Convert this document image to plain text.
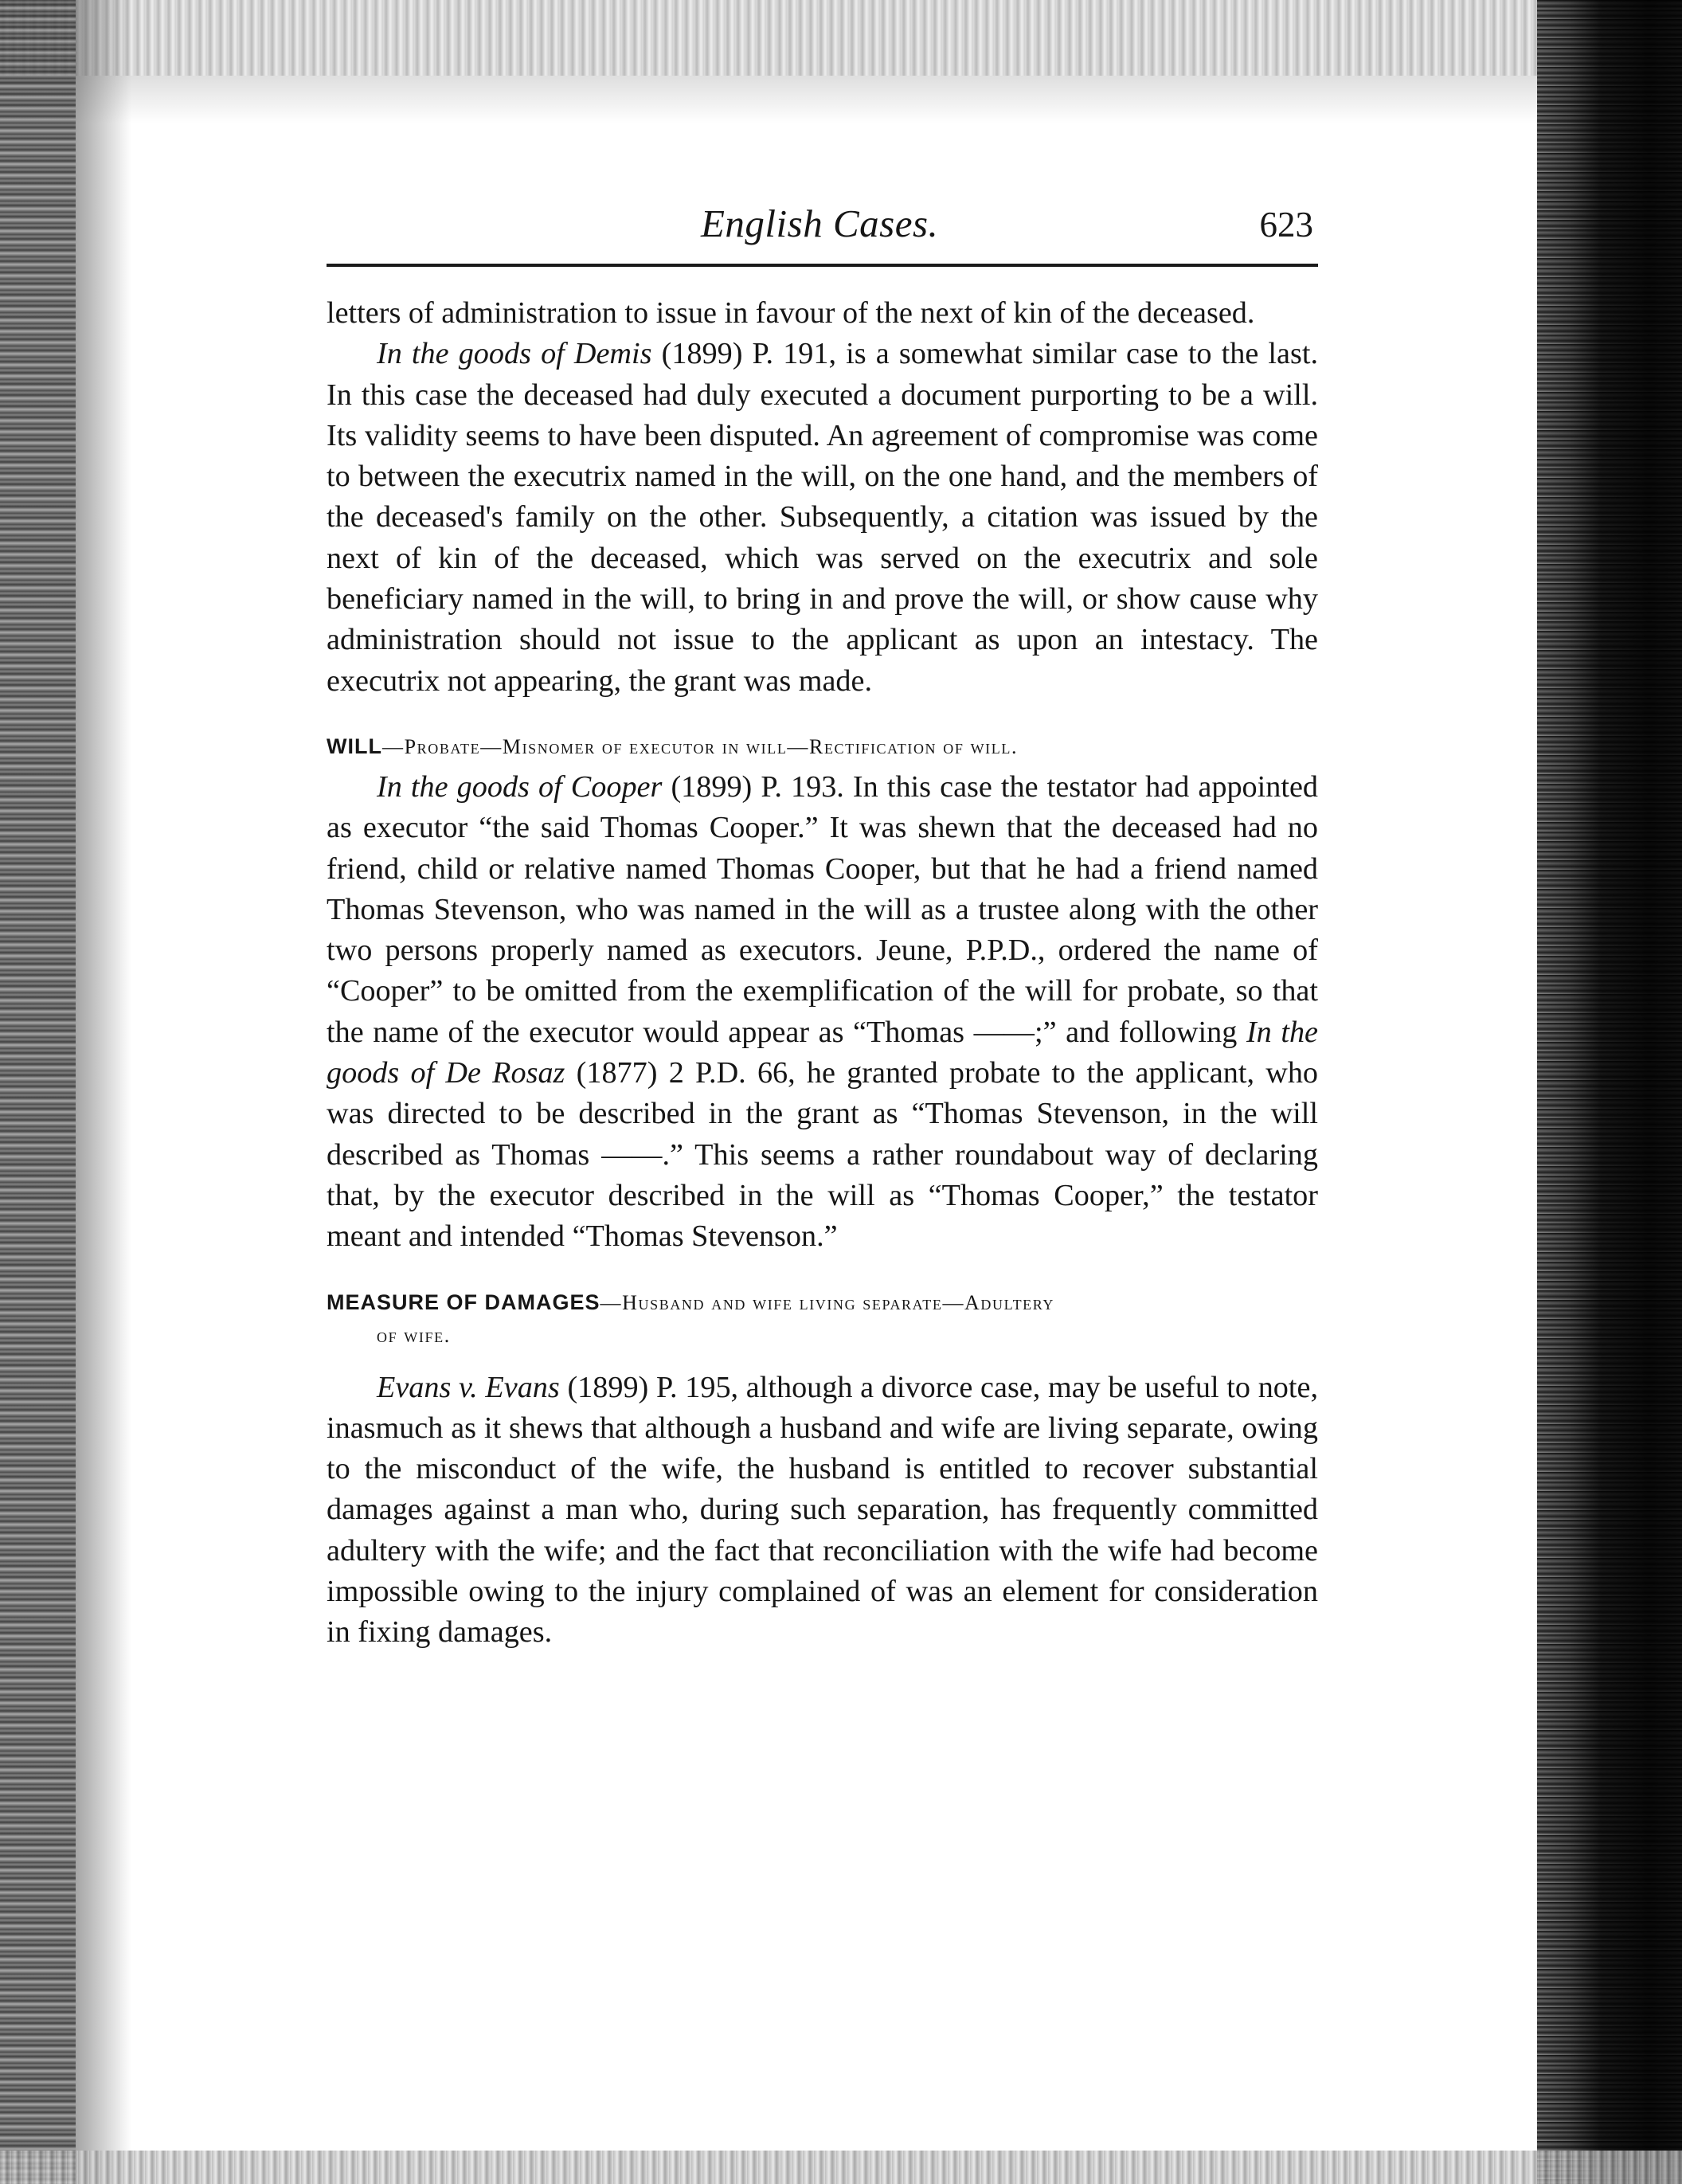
English Cases.	623

letters of administration to issue in favour of the next of kin of the deceased.

In the goods of Demis (1899) P. 191, is a somewhat similar case to the last. In this case the deceased had duly executed a document purporting to be a will. Its validity seems to have been disputed. An agreement of compromise was come to between the executrix named in the will, on the one hand, and the members of the deceased's family on the other. Subsequently, a citation was issued by the next of kin of the deceased, which was served on the executrix and sole beneficiary named in the will, to bring in and prove the will, or show cause why administration should not issue to the applicant as upon an intestacy. The executrix not appearing, the grant was made.

WILL—Probate—Misnomer of executor in will—Rectification of will.

In the goods of Cooper (1899) P. 193. In this case the testator had appointed as executor “the said Thomas Cooper.” It was shewn that the deceased had no friend, child or relative named Thomas Cooper, but that he had a friend named Thomas Stevenson, who was named in the will as a trustee along with the other two persons properly named as executors. Jeune, P.P.D., ordered the name of “Cooper” to be omitted from the exemplification of the will for probate, so that the name of the executor would appear as “Thomas ——;” and following In the goods of De Rosaz (1877) 2 P.D. 66, he granted probate to the applicant, who was directed to be described in the grant as “Thomas Stevenson, in the will described as Thomas ——.” This seems a rather roundabout way of declaring that, by the executor described in the will as “Thomas Cooper,” the testator meant and intended “Thomas Stevenson.”

MEASURE OF DAMAGES—Husband and wife living separate—Adultery
of wife.

Evans v. Evans (1899) P. 195, although a divorce case, may be useful to note, inasmuch as it shews that although a husband and wife are living separate, owing to the misconduct of the wife, the husband is entitled to recover substantial damages against a man who, during such separation, has frequently committed adultery with the wife; and the fact that reconciliation with the wife had become impossible owing to the injury complained of was an element for consideration in fixing damages.
